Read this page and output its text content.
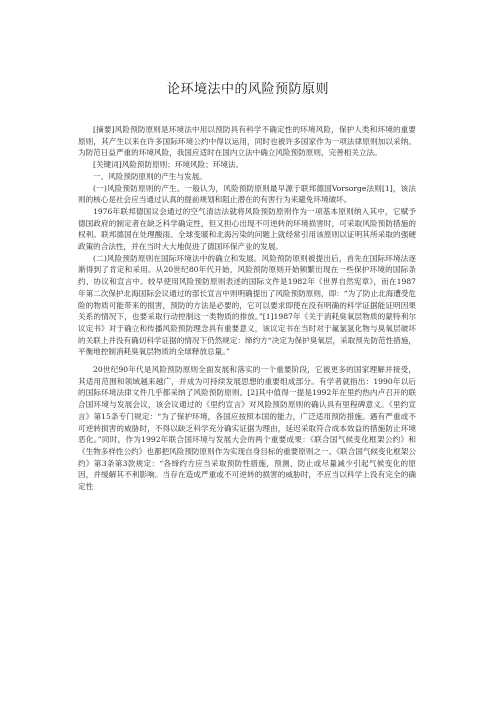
论环境法中的风险预防原则

[摘要]风险预防原则是环境法中用以预防具有科学不确定性的环境风险，保护人类和环境的重要原则，其产生以来在许多国际环境公约中得以运用，同时也被许多国家作为一项法律原则加以采纳。为防范日益严重的环境风险，我国应适时在国内立法中确立风险预防原则，完善相关立法。

[关键词]风险预防原则；环境风险；环境法。

一、风险预防原则的产生与发展。

(一)风险预防原则的产生。一般认为，风险预防原则最早源于联邦德国Vorsorge法则[1]，该法则的核心是社会应当通过认真的提前规划和阻止潜在的有害行为来避免环境破坏。

1976年联邦德国议会通过的空气清洁法就将风险预防原则作为一项基本原则纳入其中，它赋予德国政府的制定者在缺乏科学确定性，但又担心出现不可逆转的环境损害时，可采取风险预防措施的权利。联邦德国在处理酸雨、全球变暖和北海污染的问题上就经常引用该原则以证明其所采取的强硬政策的合法性，并在当时大大地促进了德国环保产业的发展。

(二)风险预防原则在国际环境法中的确立和发展。风险预防原则被提出后，首先在国际环境法逐渐得到了肯定和采用。从20世纪80年代开始，风险预防原则开始频繁出现在一些保护环境的国际条约、协议和宣言中。较早使用风险预防原则表述的国际文件是1982年《世界自然宪章》，而在1987年第二次保护北海国际会议通过的部长宣言中则明确提出了风险预防原则，即：“为了防止北海遭受危险的物质可能带来的损害，预防的方法是必要的，它可以要求即使在没有明确的科学证据能证明因果关系的情况下，也要采取行动控制这一类物质的排放。”[1]1987年《关于消耗臭氧层物质的蒙特利尔议定书》对于确立和传播风险预防理念具有重要意义，该议定书在当时对于氟氯氢化物与臭氧层破坏的关联上并没有确切科学证据的情况下仍然规定：缔约方“决定为保护臭氧层，采取预先防范性措施，平衡地控制消耗臭氧层物质的全球释放总量。”

20世纪90年代是风险预防原则全面发展和落实的一个重要阶段，它被更多的国家理解并接受，其适用范围和领域越来越广，并成为可持续发展思想的重要组成部分。有学者就指出：1990年以后的国际环境法律文件几乎都采纳了风险预防原则。[2]其中值得一提是1992年在里约热内卢召开的联合国环境与发展会议，该会议通过的《里约宣言》对风险预防原则的确认具有里程碑意义。《里约宣言》第15条专门规定：“为了保护环境，各国应按照本国的能力，广泛适用预防措施。遇有严重或不可逆转损害的威胁时，不得以缺乏科学充分确实证据为理由，延迟采取符合成本效益的措施防止环境恶化。”同时，作为1992年联合国环境与发展大会的两个重要成果：《联合国气候变化框架公约》和《生物多样性公约》也都把风险预防原则作为实现自身目标的重要原则之一。《联合国气候变化框架公约》第3条第3款规定：“各缔约方应当采取预防性措施，预测、防止或尽量减少引起气候变化的原因，并缓解其不利影响。当存在造成严重或不可逆转的损害的威胁时，不应当以科学上没有完全的确定性
